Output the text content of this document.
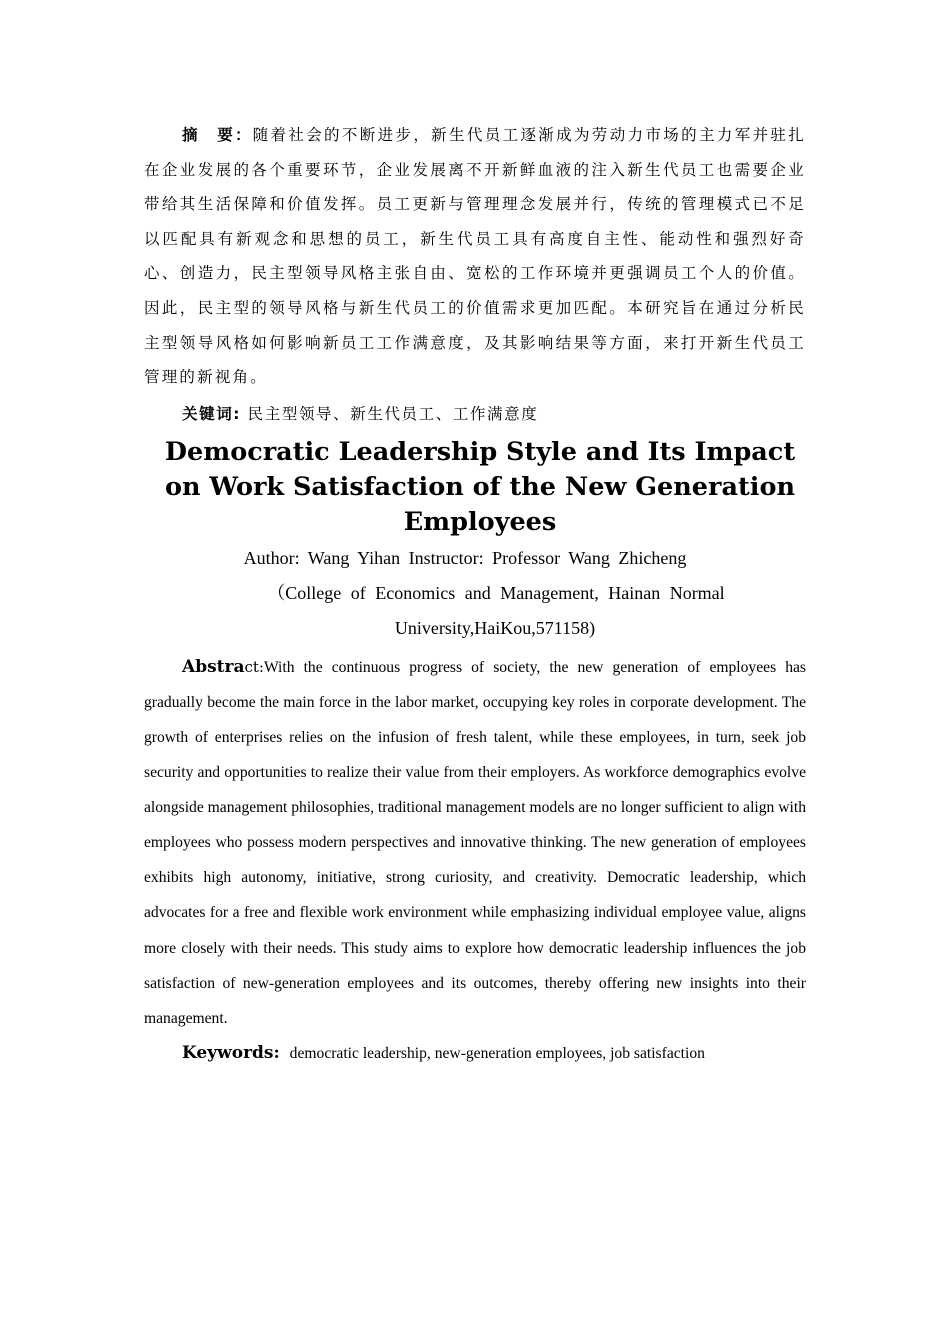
摘　要：随着社会的不断进步，新生代员工逐渐成为劳动力市场的主力军并驻扎在企业发展的各个重要环节，企业发展离不开新鲜血液的注入新生代员工也需要企业带给其生活保障和价值发挥。员工更新与管理理念发展并行，传统的管理模式已不足以匹配具有新观念和思想的员工，新生代员工具有高度自主性、能动性和强烈好奇心、创造力，民主型领导风格主张自由、宽松的工作环境并更强调员工个人的价值。因此，民主型的领导风格与新生代员工的价值需求更加匹配。本研究旨在通过分析民主型领导风格如何影响新员工工作满意度，及其影响结果等方面，来打开新生代员工管理的新视角。

关键词: 民主型领导、新生代员工、工作满意度

Democratic Leadership Style and Its Impact on Work Satisfaction of the New Generation Employees

Author: Wang Yihan Instructor: Professor Wang Zhicheng

（College of Economics and Management, Hainan Normal

University,HaiKou,571158)

Abstract:With the continuous progress of society, the new generation of employees has gradually become the main force in the labor market, occupying key roles in corporate development. The growth of enterprises relies on the infusion of fresh talent, while these employees, in turn, seek job security and opportunities to realize their value from their employers. As workforce demographics evolve alongside management philosophies, traditional management models are no longer sufficient to align with employees who possess modern perspectives and innovative thinking. The new generation of employees exhibits high autonomy, initiative, strong curiosity, and creativity. Democratic leadership, which advocates for a free and flexible work environment while emphasizing individual employee value, aligns more closely with their needs. This study aims to explore how democratic leadership influences the job satisfaction of new-generation employees and its outcomes, thereby offering new insights into their management.

Keywords: democratic leadership, new-generation employees, job satisfaction
